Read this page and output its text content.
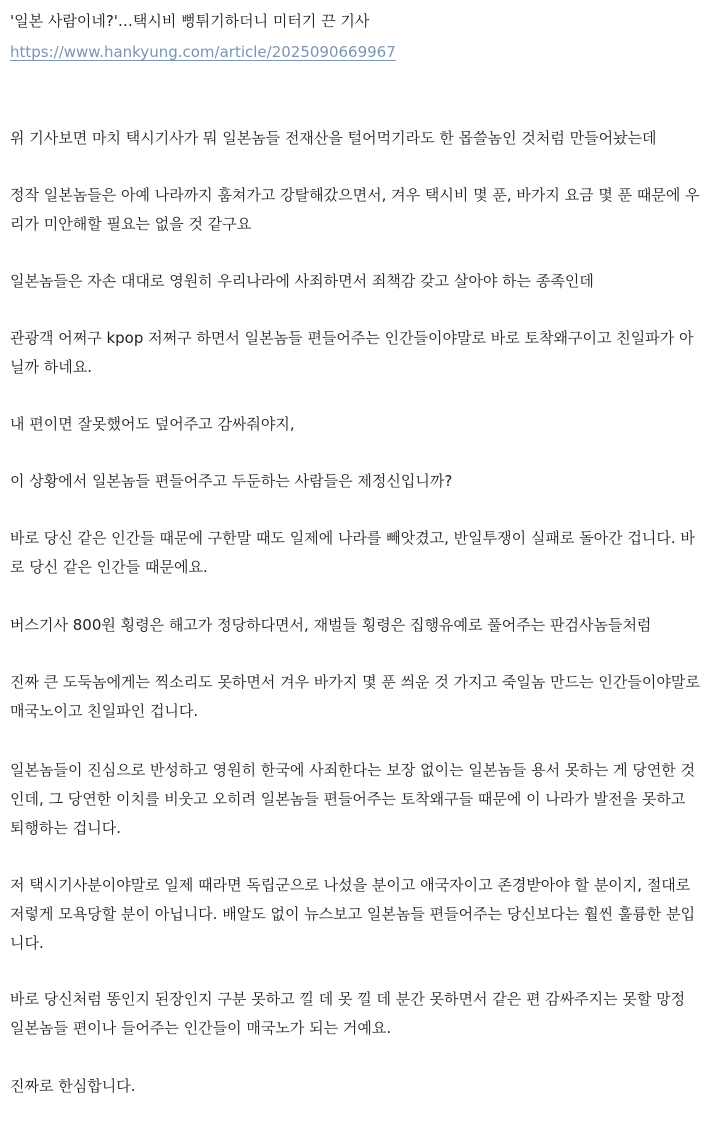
'일본 사람이네?'…택시비 뻥튀기하더니 미터기 끈 기사
https://www.hankyung.com/article/2025090669967

위 기사보면 마치 택시기사가 뭐 일본놈들 전재산을 털어먹기라도 한 몹쓸놈인 것처럼 만들어놨는데

정작 일본놈들은 아예 나라까지 훔쳐가고 강탈해갔으면서, 겨우 택시비 몇 푼, 바가지 요금 몇 푼 때문에 우리가 미안해할 필요는 없을 것 같구요

일본놈들은 자손 대대로 영원히 우리나라에 사죄하면서 죄책감 갖고 살아야 하는 종족인데

관광객 어쩌구 kpop 저쩌구 하면서 일본놈들 편들어주는 인간들이야말로 바로 토착왜구이고 친일파가 아닐까 하네요.

내 편이면 잘못했어도 덮어주고 감싸줘야지,

이 상황에서 일본놈들 편들어주고 두둔하는 사람들은 제정신입니까?

바로 당신 같은 인간들 때문에 구한말 때도 일제에 나라를 빼앗겼고, 반일투쟁이 실패로 돌아간 겁니다. 바로 당신 같은 인간들 때문에요.

버스기사 800원 횡령은 해고가 정당하다면서, 재벌들 횡령은 집행유예로 풀어주는 판검사놈들처럼

진짜 큰 도둑놈에게는 찍소리도 못하면서 겨우 바가지 몇 푼 씌운 것 가지고 죽일놈 만드는 인간들이야말로 매국노이고 친일파인 겁니다.

일본놈들이 진심으로 반성하고 영원히 한국에 사죄한다는 보장 없이는 일본놈들 용서 못하는 게 당연한 것인데, 그 당연한 이치를 비웃고 오히려 일본놈들 편들어주는 토착왜구들 때문에 이 나라가 발전을 못하고 퇴행하는 겁니다.

저 택시기사분이야말로 일제 때라면 독립군으로 나섰을 분이고 애국자이고 존경받아야 할 분이지, 절대로 저렇게 모욕당할 분이 아닙니다. 배알도 없이 뉴스보고 일본놈들 편들어주는 당신보다는 훨씬 훌륭한 분입니다.

바로 당신처럼 똥인지 된장인지 구분 못하고 낄 데 못 낄 데 분간 못하면서 같은 편 감싸주지는 못할 망정 일본놈들 편이나 들어주는 인간들이 매국노가 되는 거예요.

진짜로 한심합니다.
